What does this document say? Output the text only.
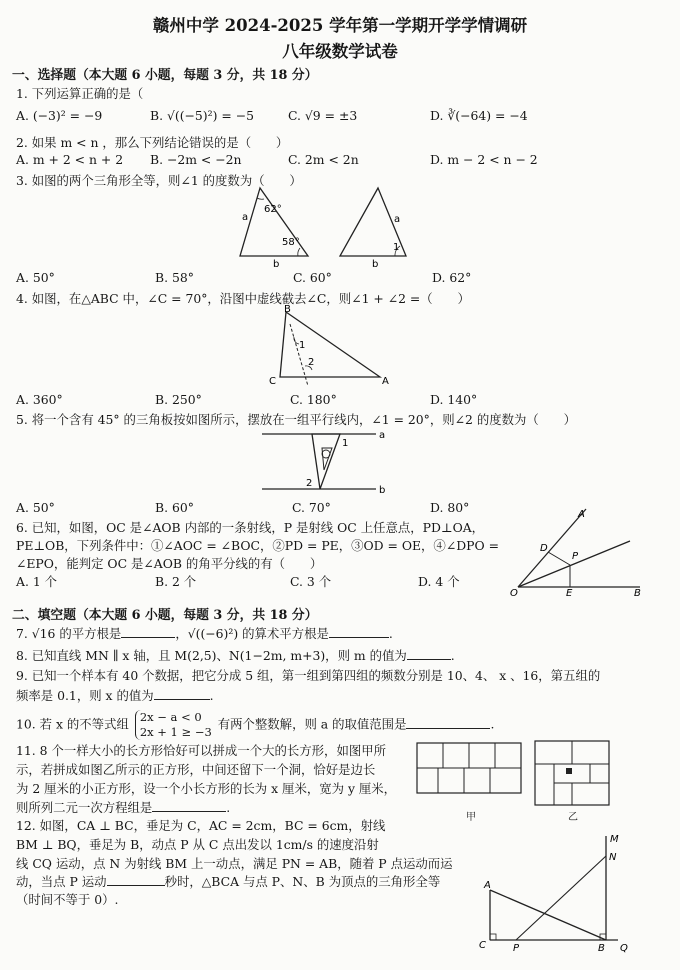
赣州中学 2024-2025 学年第一学期开学学情调研
八年级数学试卷
一、选择题（本大题 6 小题，每题 3 分，共 18 分）
1. 下列运算正确的是（
A. (−3)² = −9	B. √((−5)²) = −5	C. √9 = ±3	D. ∛(−64) = −4
2. 如果 m < n ，那么下列结论错误的是（　　）
A. m + 2 < n + 2 B. −2m < −2n	C. 2m < 2n	D. m − 2 < n − 2
3. 如图的两个三角形全等，则∠1 的度数为（　　）
62°
58°
a
b
a
b
1
A. 50°	B. 58°	C. 60°	D. 62°
4. 如图，在△ABC 中，∠C = 70°，沿图中虚线截去∠C，则∠1 + ∠2 =（　　）
B
C	A
1
2
A. 360°	B. 250°	C. 180°	D. 140°
5. 将一个含有 45° 的三角板按如图所示，摆放在一组平行线内，∠1 = 20°，则∠2 的度数为（　　）
a
b
1
2
A. 50°	B. 60°	C. 70°	D. 80°
6. 已知，如图，OC 是∠AOB 内部的一条射线，P 是射线 OC 上任意点，PD⊥OA，
PE⊥OB，下列条件中：①∠AOC = ∠BOC，②PD = PE，③OD = OE，④∠DPO =
∠EPO，能判定 OC 是∠AOB 的角平分线的有（　　）
A
D
P
O	E	B
A. 1 个	B. 2 个	C. 3 个	D. 4 个
二、填空题（本大题 6 小题，每题 3 分，共 18 分）
7. √16 的平方根是	，√((−6)²) 的算术平方根是	.
8. 已知直线 MN ∥ x 轴，且 M(2,5)、N(1−2m, m+3)，则 m 的值为	.
9. 已知一个样本有 40 个数据，把它分成 5 组，第一组到第四组的频数分别是 10、4、 x 、16，第五组的
频率是 0.1，则 x 的值为	.
10. 若 x 的不等式组 2x − a < 0
2x + 1 ≥ −3
有两个整数解，则 a 的取值范围是	.
11. 8 个一样大小的长方形恰好可以拼成一个大的长方形，如图甲所
示，若拼成如图乙所示的正方形，中间还留下一个洞，恰好是边长
为 2 厘米的小正方形，设一个小长方形的长为 x 厘米，宽为 y 厘米，
则所列二元一次方程组是	.
甲	乙
12. 如图，CA ⊥ BC，垂足为 C，AC = 2cm，BC = 6cm，射线
BM ⊥ BQ，垂足为 B，动点 P 从 C 点出发以 1cm/s 的速度沿射
线 CQ 运动，点 N 为射线 BM 上一动点，满足 PN = AB，随着 P 点运动而运
动，当点 P 运动	秒时，△BCA 与点 P、N、B 为顶点的三角形全等
（时间不等于 0）.
M
N
A
C	P	B Q
